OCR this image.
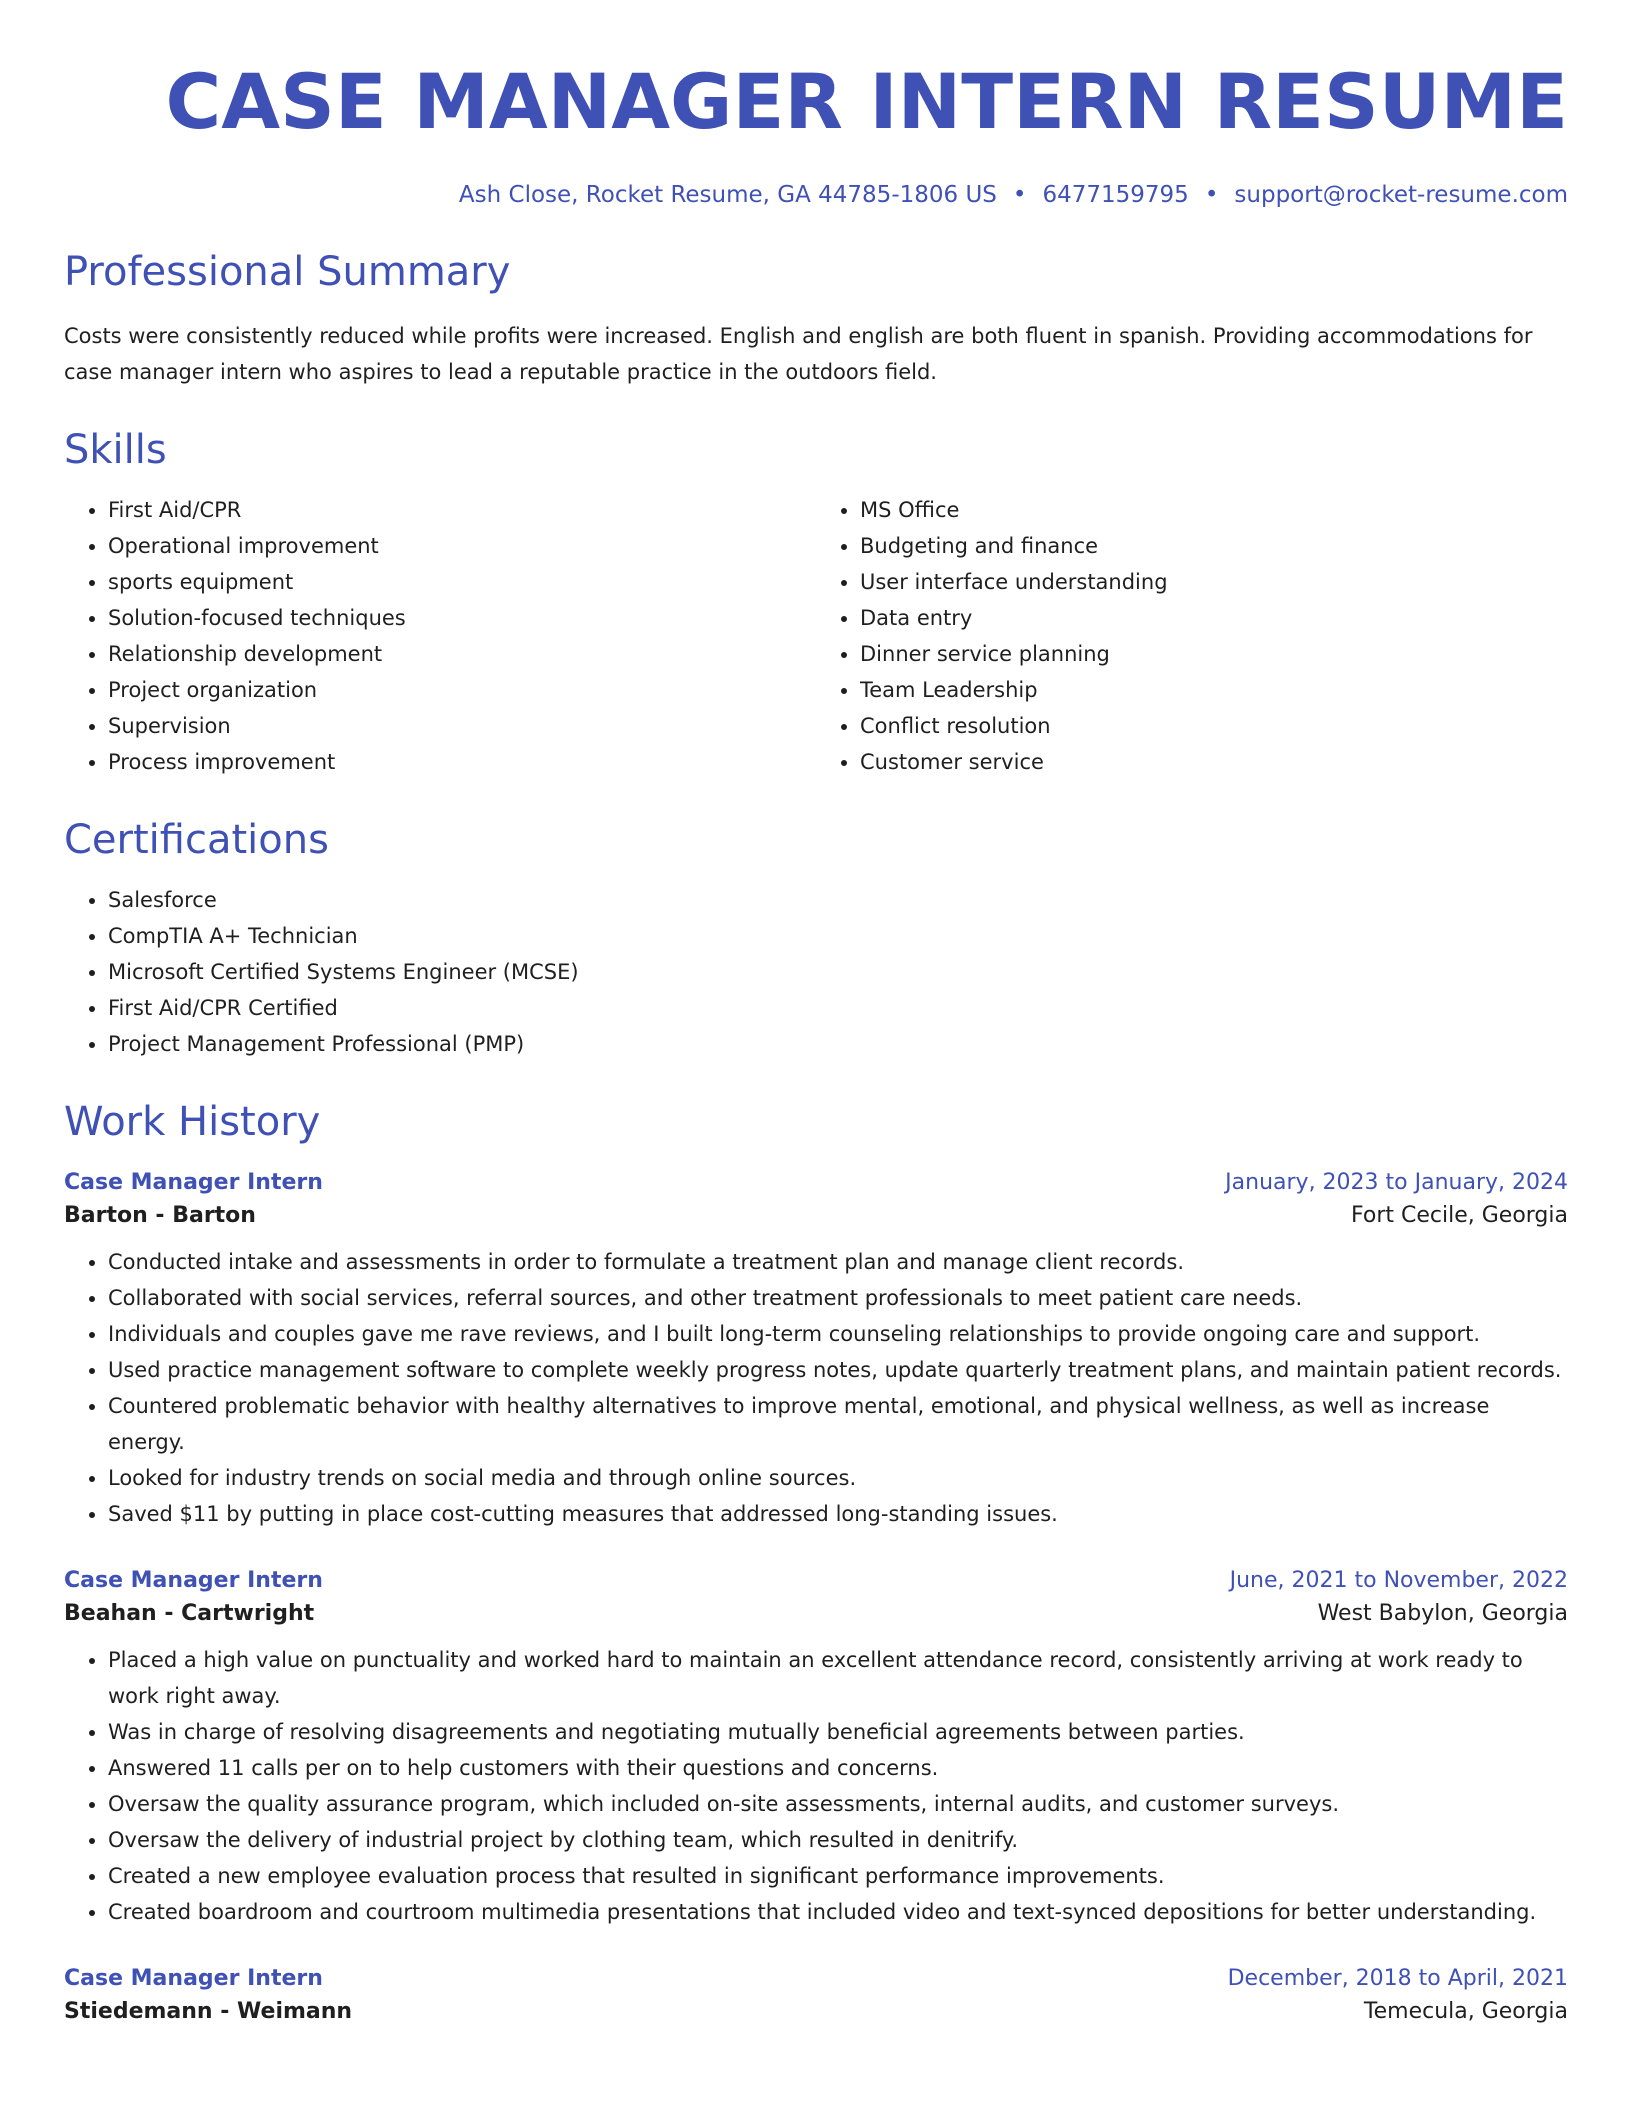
CASE MANAGER INTERN RESUME
Ash Close, Rocket Resume, GA 44785-1806 US • 6477159795 • support@rocket-resume.com
Professional Summary

Costs were consistently reduced while profits were increased. English and english are both fluent in spanish. Providing accommodations for case manager intern who aspires to lead a reputable practice in the outdoors field.

Skills
• First Aid/CPR
• Operational improvement
• sports equipment
• Solution-focused techniques
• Relationship development
• Project organization
• Supervision
• Process improvement
• MS Office
• Budgeting and finance
• User interface understanding
• Data entry
• Dinner service planning
• Team Leadership
• Conflict resolution
• Customer service
Certifications
• Salesforce
• CompTIA A+ Technician
• Microsoft Certified Systems Engineer (MCSE)
• First Aid/CPR Certified
• Project Management Professional (PMP)
Work History
Case Manager Intern	January, 2023 to January, 2024
Barton - Barton	Fort Cecile, Georgia
• Conducted intake and assessments in order to formulate a treatment plan and manage client records.
• Collaborated with social services, referral sources, and other treatment professionals to meet patient care needs.
• Individuals and couples gave me rave reviews, and I built long-term counseling relationships to provide ongoing care and support.
• Used practice management software to complete weekly progress notes, update quarterly treatment plans, and maintain patient records.
• Countered problematic behavior with healthy alternatives to improve mental, emotional, and physical wellness, as well as increase energy.
• Looked for industry trends on social media and through online sources.
• Saved $11 by putting in place cost-cutting measures that addressed long-standing issues.
Case Manager Intern	June, 2021 to November, 2022
Beahan - Cartwright	West Babylon, Georgia
• Placed a high value on punctuality and worked hard to maintain an excellent attendance record, consistently arriving at work ready to work right away.
• Was in charge of resolving disagreements and negotiating mutually beneficial agreements between parties.
• Answered 11 calls per on to help customers with their questions and concerns.
• Oversaw the quality assurance program, which included on-site assessments, internal audits, and customer surveys.
• Oversaw the delivery of industrial project by clothing team, which resulted in denitrify.
• Created a new employee evaluation process that resulted in significant performance improvements.
• Created boardroom and courtroom multimedia presentations that included video and text-synced depositions for better understanding.
Case Manager Intern	December, 2018 to April, 2021
Stiedemann - Weimann	Temecula, Georgia
